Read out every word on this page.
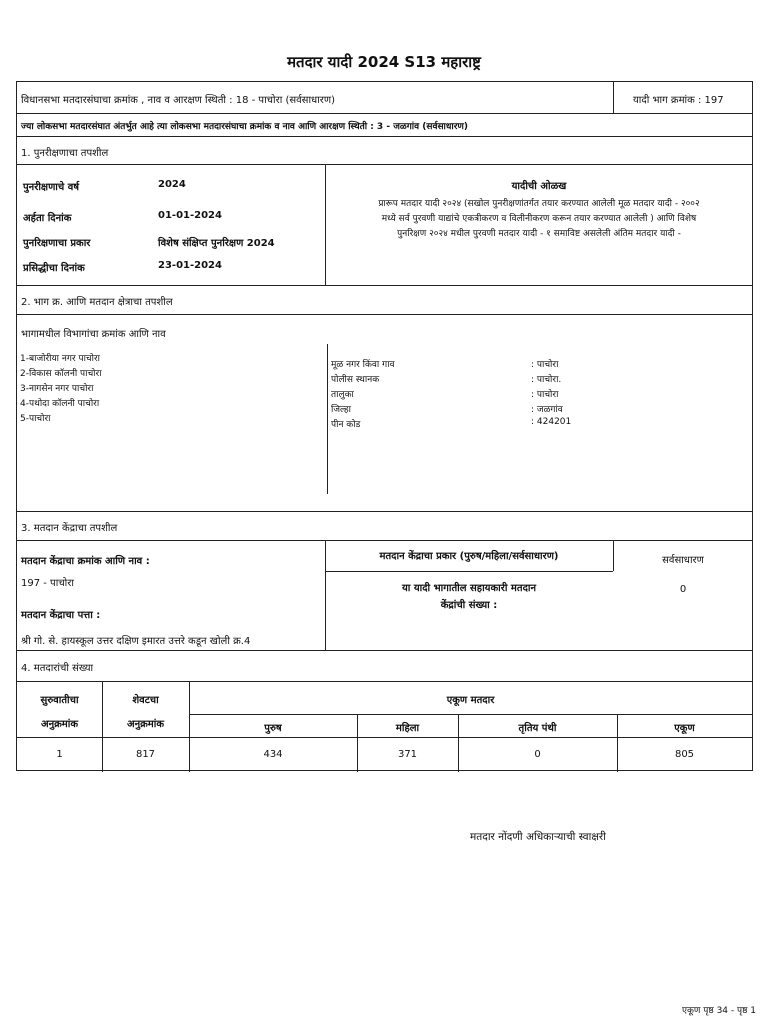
मतदार यादी 2024 S13 महाराष्ट्र
विधानसभा मतदारसंघाचा क्रमांक , नाव व आरक्षण स्थिती : 18 - पाचोरा (सर्वसाधारण)	यादी भाग क्रमांक : 197
ज्या लोकसभा मतदारसंघात अंतर्भुत आहे त्या लोकसभा मतदारसंघाचा क्रमांक व नाव आणि आरक्षण स्थिती : 3 - जळगांव (सर्वसाधारण)
1. पुनरीक्षणाचा तपशील
पुनरीक्षणाचे वर्ष	2024
अर्हता दिनांक	01-01-2024
पुनरिक्षणाचा प्रकार	विशेष संक्षिप्त पुनरिक्षण 2024
प्रसिद्धीचा दिनांक	23-01-2024
यादीची ओळख
प्रारूप मतदार यादी २०२४ (सखोल पुनरीक्षणांतर्गत तयार करण्यात आलेली मूळ मतदार यादी - २००२
मध्ये सर्व पुरवणी याद्यांचे एकत्रीकरण व विलीनीकरण करून तयार करण्यात आलेली ) आणि विशेष
पुनरिक्षण २०२४ मधील पुरवणी मतदार यादी - १ समाविष्ट असलेली अंतिम मतदार यादी -
2. भाग क्र. आणि मतदान क्षेत्राचा तपशील
भागामधील विभागांचा क्रमांक आणि नाव
1-बाजोरीया नगर पाचोरा
2-विकास कॉलनी पाचोरा
3-नागसेन नगर पाचोरा
4-पथोदा कॉलनी पाचोरा
5-पाचोरा
मूळ नगर किंवा गाव	: पाचोरा
पोलीस स्थानक	: पाचोरा.
तालुका	: पाचोरा
जिल्हा	: जळगांव
पीन कोड	: 424201
3. मतदान केंद्राचा तपशील
मतदान केंद्राचा क्रमांक आणि नाव :
197 - पाचोरा
मतदान केंद्राचा पत्ता :
श्री गो. से. हायस्कूल उत्तर दक्षिण इमारत उत्तरे कडून खोली क्र.4
मतदान केंद्राचा प्रकार (पुरुष/महिला/सर्वसाधारण)	सर्वसाधारण
या यादी भागातील सहायकारी मतदान
केंद्रांची संख्या :
0
4. मतदारांची संख्या
सुरुवातीचा
अनुक्रमांक
शेवटचा
अनुक्रमांक
एकूण मतदार
पुरुष	महिला	तृतिय पंथी	एकूण
1	817	434	371	0	805
मतदार नोंदणी अधिकाऱ्याची स्वाक्षरी
एकूण पृष्ठ 34 - पृष्ठ 1
